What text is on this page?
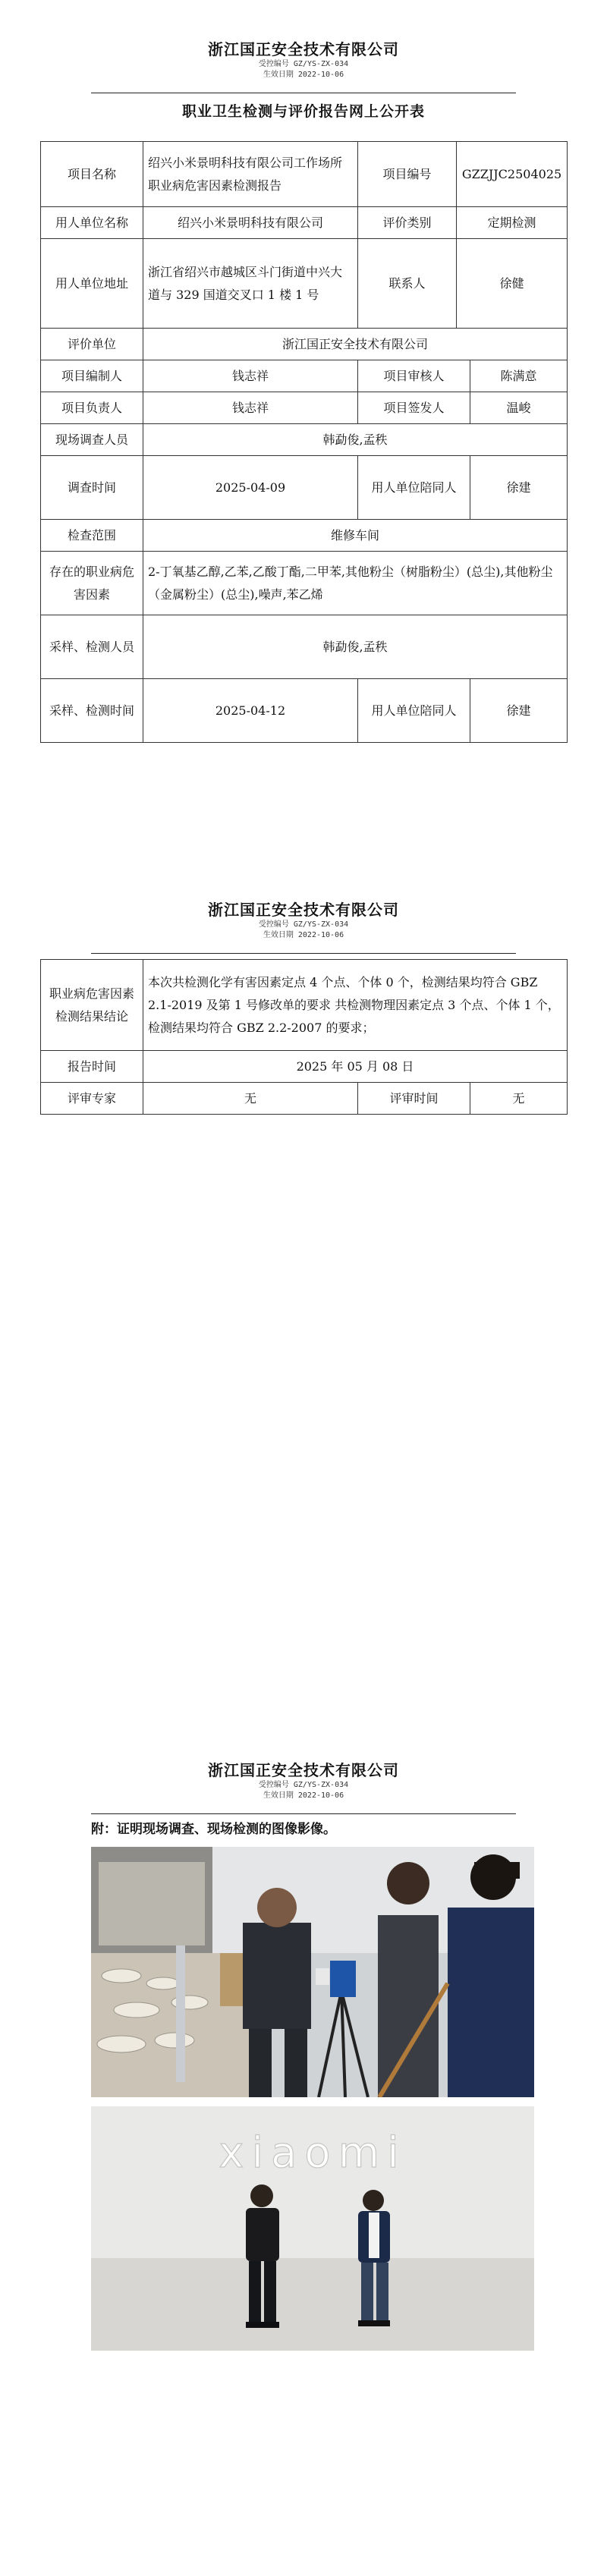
浙江国正安全技术有限公司
受控编号 GZ/YS-ZX-034
生效日期 2022-10-06
职业卫生检测与评价报告网上公开表
项目名称	绍兴小米景明科技有限公司工作场所职业病危害因素检测报告	项目编号	GZZJJC2504025
用人单位名称	绍兴小米景明科技有限公司	评价类别	定期检测
用人单位地址	浙江省绍兴市越城区斗门街道中兴大道与 329 国道交叉口 1 楼 1 号	联系人	徐健
评价单位	浙江国正安全技术有限公司		
项目编制人	钱志祥	项目审核人	陈满意
项目负责人	钱志祥	项目签发人	温峻
现场调查人员	韩勐俊,孟秩		
调查时间	2025-04-09	用人单位陪同人	徐建
检查范围	维修车间		
存在的职业病危害因素	2-丁氧基乙醇,乙苯,乙酸丁酯,二甲苯,其他粉尘（树脂粉尘）(总尘),其他粉尘（金属粉尘）(总尘),噪声,苯乙烯		
采样、检测人员	韩勐俊,孟秩		
采样、检测时间	2025-04-12	用人单位陪同人	徐建
浙江国正安全技术有限公司
受控编号 GZ/YS-ZX-034
生效日期 2022-10-06
职业病危害因素检测结果结论	本次共检测化学有害因素定点 4 个点、个体 0 个，检测结果均符合 GBZ 2.1-2019 及第 1 号修改单的要求 共检测物理因素定点 3 个点、个体 1 个，检测结果均符合 GBZ 2.2-2007 的要求；		
报告时间	2025 年 05 月 08 日		
评审专家	无	评审时间	无
浙江国正安全技术有限公司
受控编号 GZ/YS-ZX-034
生效日期 2022-10-06
附：证明现场调查、现场检测的图像影像。
xiaomi
